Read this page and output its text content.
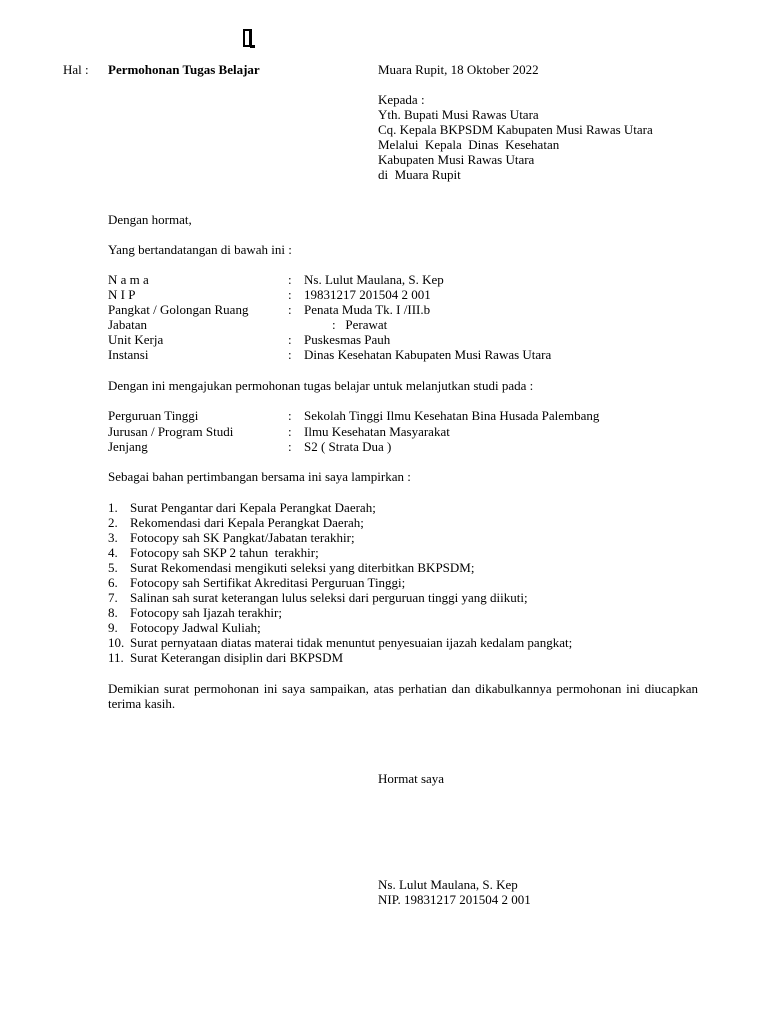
Hal : Permohonan Tugas Belajar	Muara Rupit, 18 Oktober 2022
Kepada :
Yth. Bupati Musi Rawas Utara
Cq. Kepala BKPSDM Kabupaten Musi Rawas Utara
Melalui  Kepala  Dinas  Kesehatan
Kabupaten Musi Rawas Utara
di  Muara Rupit
Dengan hormat,
Yang bertandatangan di bawah ini :
N a m a	: Ns. Lulut Maulana, S. Kep
N I P	: 19831217 201504 2 001
Pangkat / Golongan Ruang	: Penata Muda Tk. I /III.b
Jabatan	:   Perawat
Unit Kerja	: Puskesmas Pauh
Instansi	: Dinas Kesehatan Kabupaten Musi Rawas Utara
Dengan ini mengajukan permohonan tugas belajar untuk melanjutkan studi pada :
Perguruan Tinggi	: Sekolah Tinggi Ilmu Kesehatan Bina Husada Palembang
Jurusan / Program Studi	: Ilmu Kesehatan Masyarakat
Jenjang	: S2 ( Strata Dua )
Sebagai bahan pertimbangan bersama ini saya lampirkan :
1. Surat Pengantar dari Kepala Perangkat Daerah;
2. Rekomendasi dari Kepala Perangkat Daerah;
3. Fotocopy sah SK Pangkat/Jabatan terakhir;
4. Fotocopy sah SKP 2 tahun  terakhir;
5. Surat Rekomendasi mengikuti seleksi yang diterbitkan BKPSDM;
6. Fotocopy sah Sertifikat Akreditasi Perguruan Tinggi;
7. Salinan sah surat keterangan lulus seleksi dari perguruan tinggi yang diikuti;
8. Fotocopy sah Ijazah terakhir;
9. Fotocopy Jadwal Kuliah;
10. Surat pernyataan diatas materai tidak menuntut penyesuaian ijazah kedalam pangkat;
11. Surat Keterangan disiplin dari BKPSDM
Demikian surat permohonan ini saya sampaikan, atas perhatian dan dikabulkannya permohonan ini diucapkan terima kasih.
Hormat saya
Ns. Lulut Maulana, S. Kep
NIP. 19831217 201504 2 001
